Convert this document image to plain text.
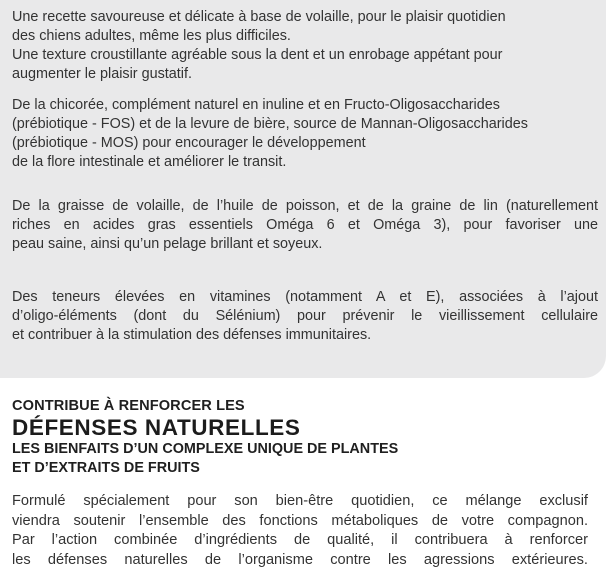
Une recette savoureuse et délicate à base de volaille, pour le plaisir quotidien
des chiens adultes, même les plus difficiles.
Une texture croustillante agréable sous la dent et un enrobage appétant pour
augmenter le plaisir gustatif.

De la chicorée, complément naturel en inuline et en Fructo-Oligosaccharides
(prébiotique - FOS) et de la levure de bière, source de Mannan-Oligosaccharides
(prébiotique - MOS) pour encourager le développement
de la flore intestinale et améliorer le transit.

De la graisse de volaille, de l’huile de poisson, et de la graine de lin (naturellement
riches en acides gras essentiels Oméga 6 et Oméga 3), pour favoriser une
peau saine, ainsi qu’un pelage brillant et soyeux.

Des teneurs élevées en vitamines (notamment A et E), associées à l’ajout
d’oligo-éléments (dont du Sélénium) pour prévenir le vieillissement cellulaire
et contribuer à la stimulation des défenses immunitaires.

CONTRIBUE À RENFORCER LES

DÉFENSES NATURELLES

LES BIENFAITS D’UN COMPLEXE UNIQUE DE PLANTES

ET D’EXTRAITS DE FRUITS

Formulé spécialement pour son bien-être quotidien, ce mélange exclusif
viendra soutenir l’ensemble des fonctions métaboliques de votre compagnon.
Par l’action combinée d’ingrédients de qualité, il contribuera à renforcer
les défenses naturelles de l’organisme contre les agressions extérieures.
